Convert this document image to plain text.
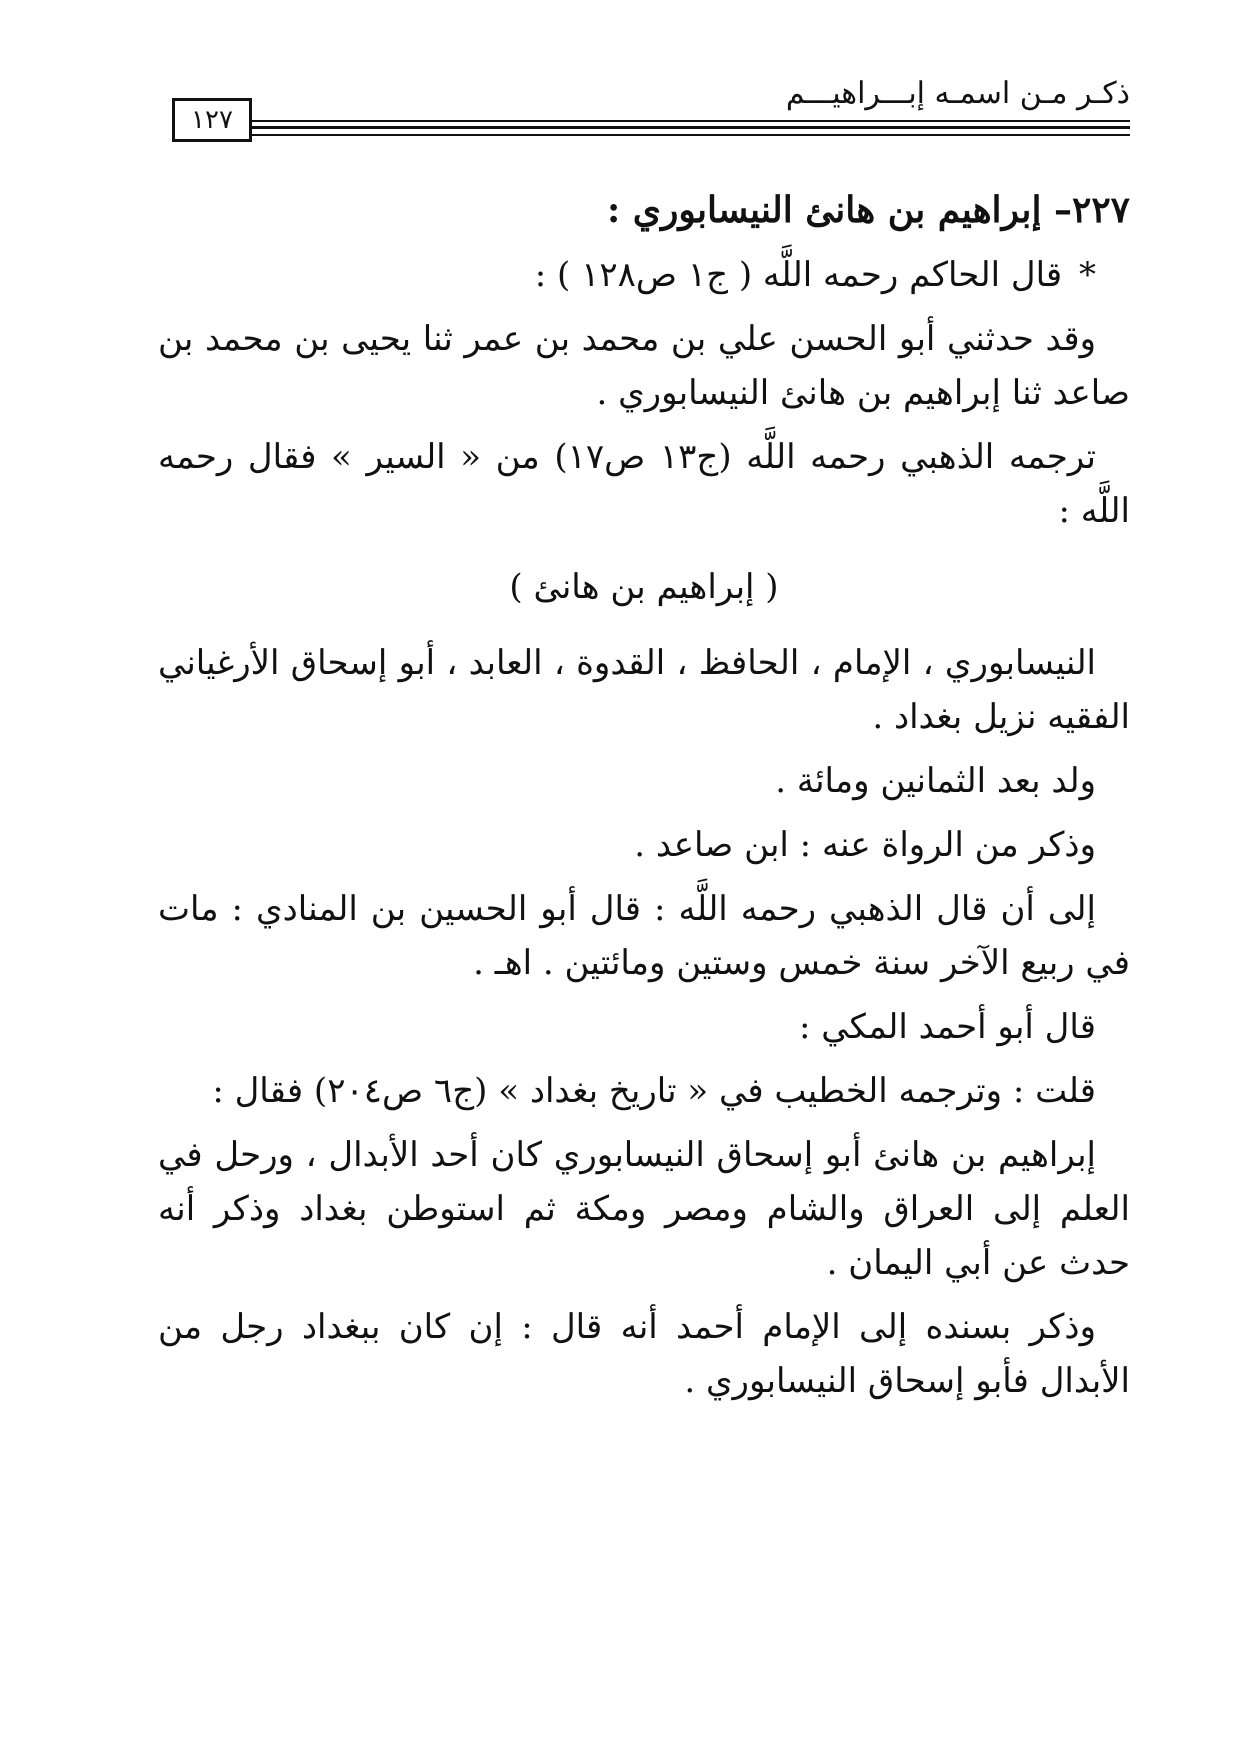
ذكـر مـن اسمـه إبـــراهيـــم
١٢٧

٢٢٧– إبراهيم بن هانئ النيسابوري :

* قال الحاكم رحمه اللَّه ( ج١ ص١٢٨ ) :

وقد حدثني أبو الحسن علي بن محمد بن عمر ثنا يحيى بن محمد بن صاعد ثنا إبراهيم بن هانئ النيسابوري .

ترجمه الذهبي رحمه اللَّه (ج١٣ ص١٧) من « السير » فقال رحمه اللَّه :

( إبراهيم بن هانئ )

النيسابوري ، الإمام ، الحافظ ، القدوة ، العابد ، أبو إسحاق الأرغياني الفقيه نزيل بغداد .

ولد بعد الثمانين ومائة .

وذكر من الرواة عنه : ابن صاعد .

إلى أن قال الذهبي رحمه اللَّه : قال أبو الحسين بن المنادي : مات في ربيع الآخر سنة خمس وستين ومائتين . اهـ .

قال أبو أحمد المكي :

قلت : وترجمه الخطيب في « تاريخ بغداد » (ج٦ ص٢٠٤) فقال :

إبراهيم بن هانئ أبو إسحاق النيسابوري كان أحد الأبدال ، ورحل في العلم إلى العراق والشام ومصر ومكة ثم استوطن بغداد وذكر أنه حدث عن أبي اليمان .

وذكر بسنده إلى الإمام أحمد أنه قال : إن كان ببغداد رجل من الأبدال فأبو إسحاق النيسابوري .
